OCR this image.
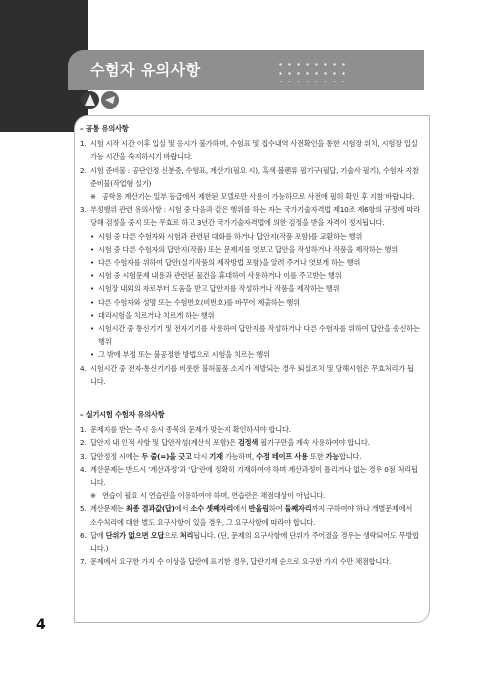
수험자 유의사항
– 공통 유의사항
1. 시험 시작 시간 이후 입실 및 응시가 불가하며, 수험표 및 접수내역 사전확인을 통한 시험장 위치, 시험장 입실 가능 시간을 숙지하시기 바랍니다.
2. 시험 준비물 : 공단인정 신분증, 수험표, 계산기(필요 시), 흑색 볼펜류 필기구(필답, 기술사 필기), 수험자 지참 준비물(작업형 실기)
※ 공학용 계산기는 일부 등급에서 제한된 모델로만 사용이 가능하므로 사전에 필히 확인 후 지참 바랍니다.
3. 부정행위 관련 유의사항 : 시험 중 다음과 같은 행위를 하는 자는 국가기술자격법 제10조 제6항의 규정에 따라 당해 검정을 중지 또는 무효로 하고 3년간 국가기술자격법에 의한 검정을 받을 자격이 정지됩니다.
• 시험 중 다른 수험자와 시험과 관련된 대화를 하거나 답안지(작품 포함)를 교환하는 행위
• 시험 중 다른 수험자의 답안지(작품) 또는 문제지를 엿보고 답안을 작성하거나 작품을 제작하는 행위
• 다른 수험자를 위하여 답안(실기작품의 제작방법 포함)을 알려 주거나 엿보게 하는 행위
• 시험 중 시험문제 내용과 관련된 물건을 휴대하여 사용하거나 이를 주고받는 행위
• 시험장 내외의 자로부터 도움을 받고 답안지를 작성하거나 작품을 제작하는 행위
• 다른 수험자와 성명 또는 수험번호(비번호)를 바꾸어 제출하는 행위
• 대리시험을 치르거나 치르게 하는 행위
• 시험시간 중 통신기기 및 전자기기를 사용하여 답안지를 작성하거나 다른 수험자를 위하여 답안을 송신하는 행위
• 그 밖에 부정 또는 불공정한 방법으로 시험을 치르는 행위
4. 시험시간 중 전자·통신기기를 비롯한 불허물품 소지가 적발되는 경우 퇴실조치 및 당해시험은 무효처리가 됩니다.
– 실기시험 수험자 유의사항
1. 문제지를 받는 즉시 응시 종목의 문제가 맞는지 확인하셔야 합니다.
2. 답안지 내 인적 사항 및 답안작성(계산식 포함)은 검정색 필기구만을 계속 사용하여야 합니다.
3. 답안정정 시에는 두 줄(=)을 긋고 다시 기재 가능하며, 수정 테이프 사용 또한 가능합니다.
4. 계산문제는 반드시 ‘계산과정’과 ‘답’란에 정확히 기재하여야 하며 계산과정이 틀리거나 없는 경우 0점 처리됩니다.
※ 연습이 필요 시 연습란을 이용하여야 하며, 연습란은 채점대상이 아닙니다.
5. 계산문제는 최종 결과값(답)에서 소수 셋째자리에서 반올림하여 둘째자리까지 구하여야 하나 개별문제에서 소수처리에 대한 별도 요구사항이 있을 경우, 그 요구사항에 따라야 합니다.
6. 답에 단위가 없으면 오답으로 처리됩니다. (단, 문제의 요구사항에 단위가 주어졌을 경우는 생략되어도 무방합니다.)
7. 문제에서 요구한 가지 수 이상을 답란에 표기한 경우, 답란기재 순으로 요구한 가지 수만 채점합니다.
4
